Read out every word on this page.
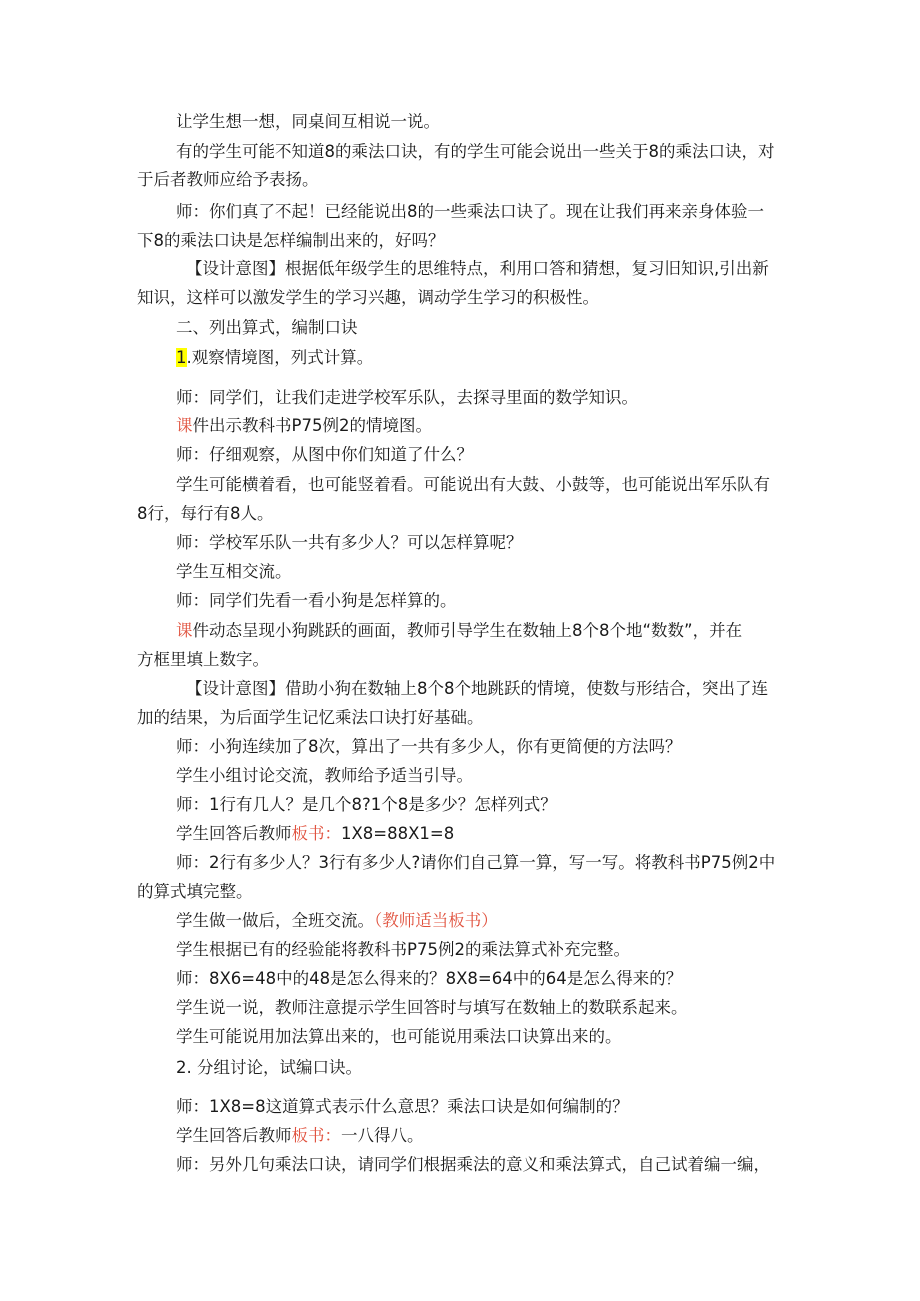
让学生想一想，同桌间互相说一说。
有的学生可能不知道8的乘法口诀，有的学生可能会说出一些关于8的乘法口诀，对
于后者教师应给予表扬。
师：你们真了不起！已经能说出8的一些乘法口诀了。现在让我们再来亲身体验一
下8的乘法口诀是怎样编制出来的，好吗？
【设计意图】根据低年级学生的思维特点，利用口答和猜想，复习旧知识,引出新
知识，这样可以激发学生的学习兴趣，调动学生学习的积极性。
二、列出算式，编制口诀
1.观察情境图，列式计算。
师：同学们，让我们走进学校军乐队，去探寻里面的数学知识。
课件出示教科书P75例2的情境图。
师：仔细观察，从图中你们知道了什么？
学生可能横着看，也可能竖着看。可能说出有大鼓、小鼓等，也可能说出军乐队有
8行，每行有8人。
师：学校军乐队一共有多少人？可以怎样算呢？
学生互相交流。
师：同学们先看一看小狗是怎样算的。
课件动态呈现小狗跳跃的画面，教师引导学生在数轴上8个8个地“数数”，并在
方框里填上数字。
【设计意图】借助小狗在数轴上8个8个地跳跃的情境，使数与形结合，突出了连
加的结果，为后面学生记忆乘法口诀打好基础。
师：小狗连续加了8次，算出了一共有多少人，你有更简便的方法吗？
学生小组讨论交流，教师给予适当引导。
师：1行有几人？是几个8?1个8是多少？怎样列式？
学生回答后教师板书：1X8=88X1=8
师：2行有多少人？3行有多少人?请你们自己算一算，写一写。将教科书P75例2中
的算式填完整。
学生做一做后，全班交流。（教师适当板书）
学生根据已有的经验能将教科书P75例2的乘法算式补充完整。
师：8X6=48中的48是怎么得来的？8X8=64中的64是怎么得来的？
学生说一说，教师注意提示学生回答时与填写在数轴上的数联系起来。
学生可能说用加法算出来的，也可能说用乘法口诀算出来的。
2. 分组讨论，试编口诀。
师：1X8=8这道算式表示什么意思？乘法口诀是如何编制的？
学生回答后教师板书：一八得八。
师：另外几句乘法口诀，请同学们根据乘法的意义和乘法算式，自己试着编一编，
